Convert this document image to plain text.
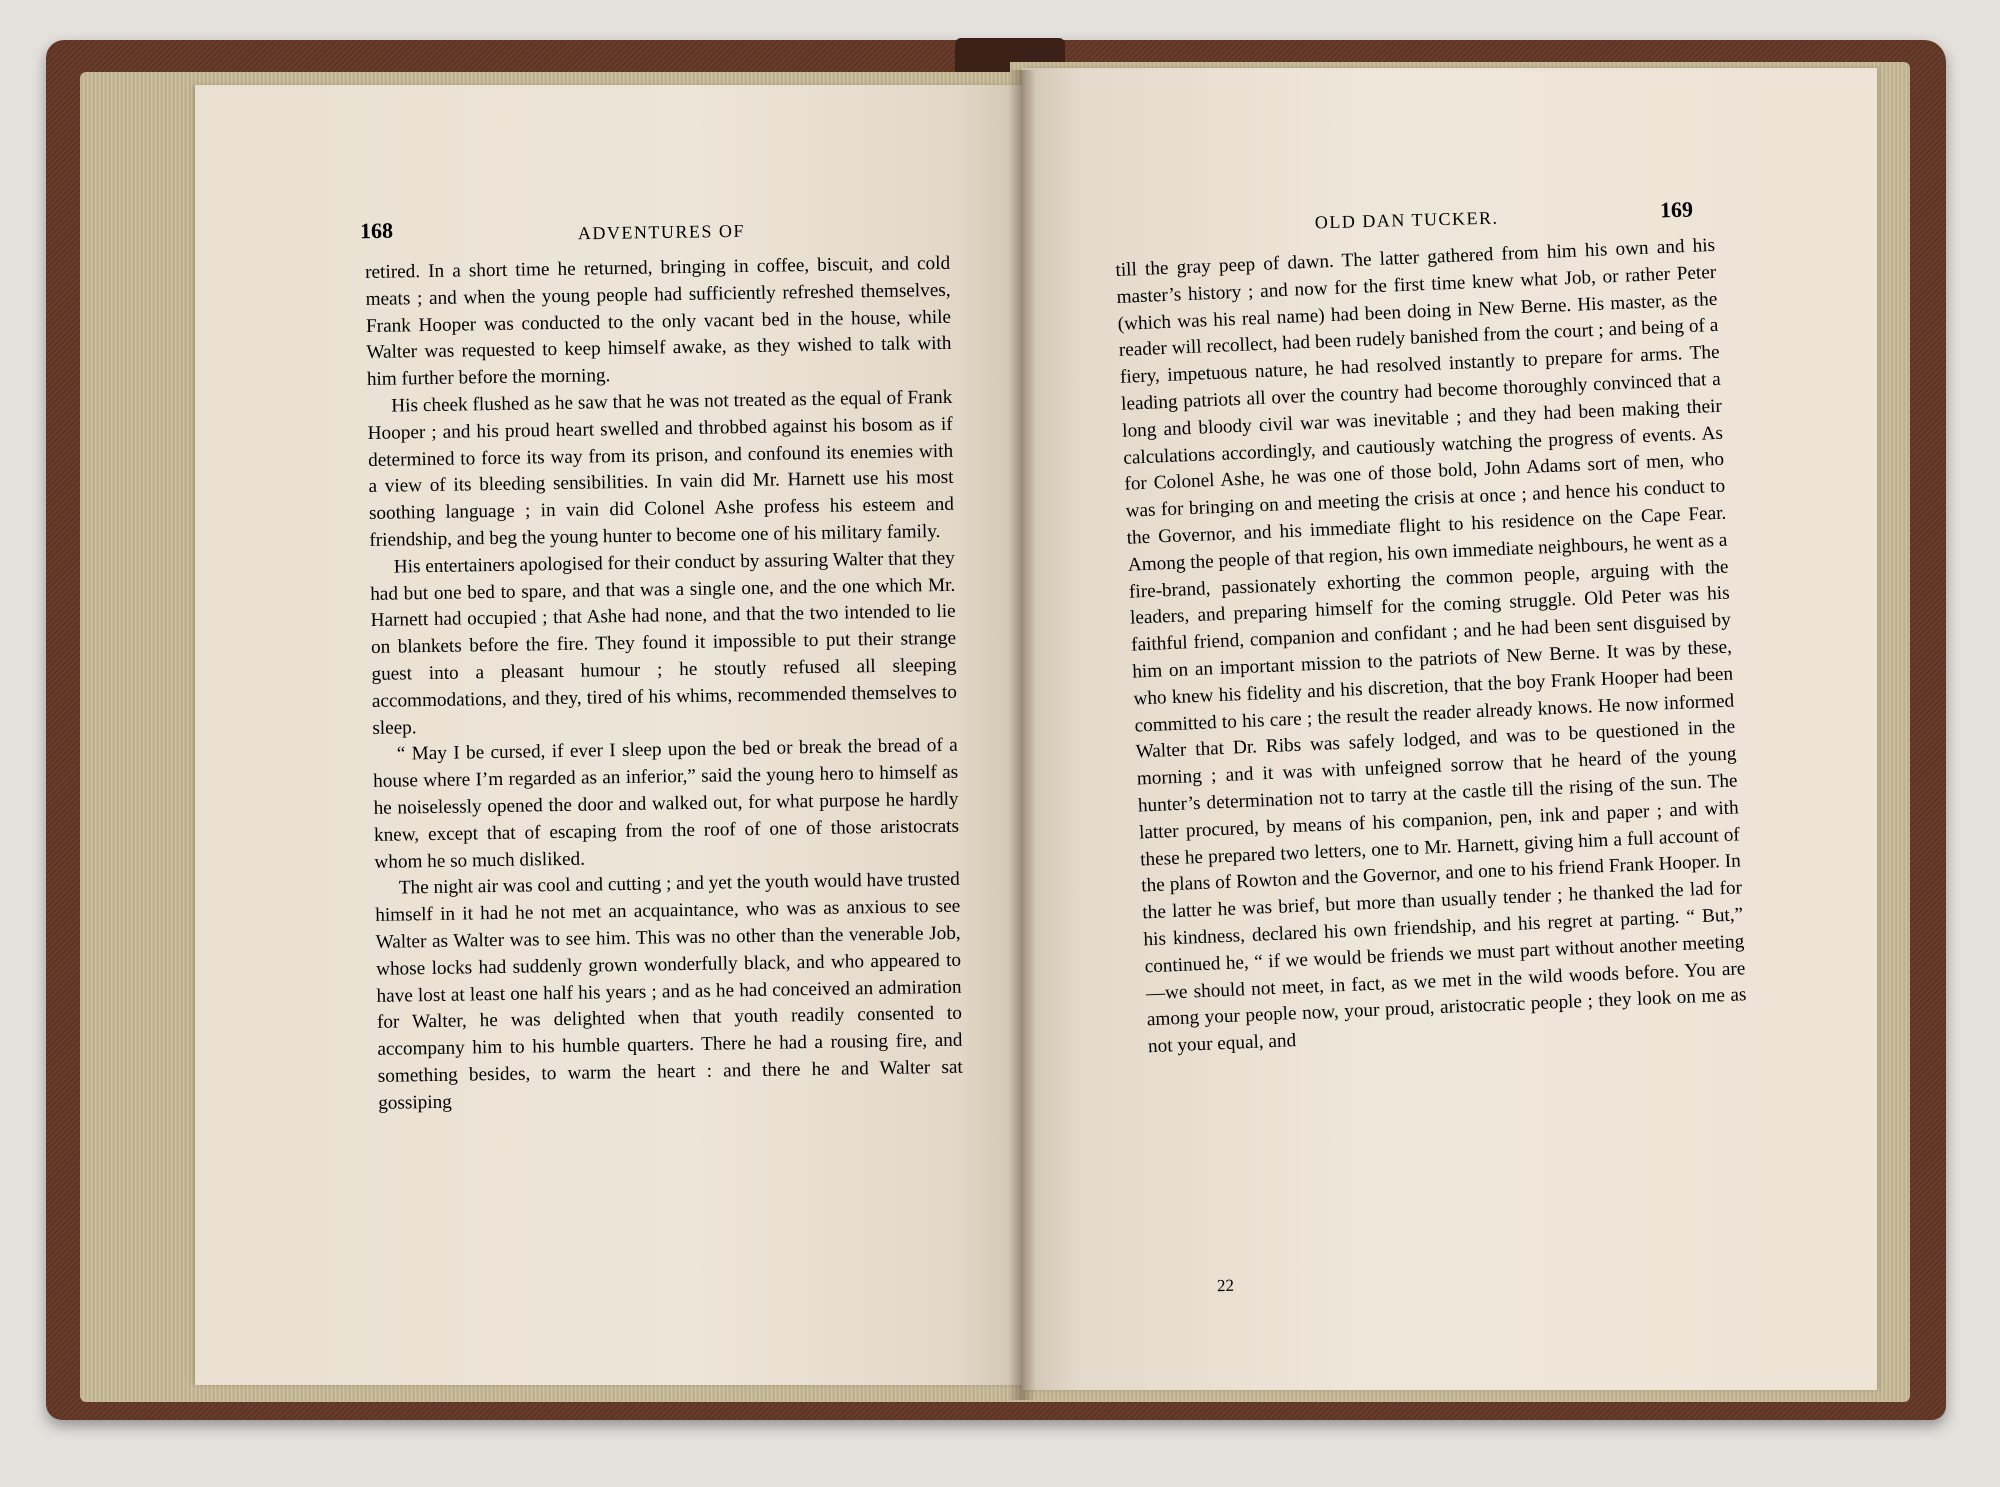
168	ADVENTURES OF	OLD DAN TUCKER.	169

retired. In a short time he returned, bringing in coffee, biscuit, and cold meats ; and when the young people had sufficiently refreshed themselves, Frank Hooper was conducted to the only vacant bed in the house, while Walter was requested to keep himself awake, as they wished to talk with him further before the morning.

His cheek flushed as he saw that he was not treated as the equal of Frank Hooper ; and his proud heart swelled and throbbed against his bosom as if determined to force its way from its prison, and confound its enemies with a view of its bleeding sensibilities. In vain did Mr. Harnett use his most soothing language ; in vain did Colonel Ashe profess his esteem and friendship, and beg the young hunter to become one of his military family.

His entertainers apologised for their conduct by assuring Walter that they had but one bed to spare, and that was a single one, and the one which Mr. Harnett had occupied ; that Ashe had none, and that the two intended to lie on blankets before the fire. They found it impossible to put their strange guest into a pleasant humour ; he stoutly refused all sleeping accommodations, and they, tired of his whims, recommended themselves to sleep.

“ May I be cursed, if ever I sleep upon the bed or break the bread of a house where I’m regarded as an inferior,” said the young hero to himself as he noiselessly opened the door and walked out, for what purpose he hardly knew, except that of escaping from the roof of one of those aristocrats whom he so much disliked.

The night air was cool and cutting ; and yet the youth would have trusted himself in it had he not met an acquaintance, who was as anxious to see Walter as Walter was to see him. This was no other than the venerable Job, whose locks had suddenly grown wonderfully black, and who appeared to have lost at least one half his years ; and as he had conceived an admiration for Walter, he was delighted when that youth readily consented to accompany him to his humble quarters. There he had a rousing fire, and something besides, to warm the heart : and there he and Walter sat gossiping

till the gray peep of dawn. The latter gathered from him his own and his master’s history ; and now for the first time knew what Job, or rather Peter (which was his real name) had been doing in New Berne. His master, as the reader will recollect, had been rudely banished from the court ; and being of a fiery, impetuous nature, he had resolved instantly to prepare for arms. The leading patriots all over the country had become thoroughly convinced that a long and bloody civil war was inevitable ; and they had been making their calculations accordingly, and cautiously watching the progress of events. As for Colonel Ashe, he was one of those bold, John Adams sort of men, who was for bringing on and meeting the crisis at once ; and hence his conduct to the Governor, and his immediate flight to his residence on the Cape Fear. Among the people of that region, his own immediate neighbours, he went as a fire-brand, passionately exhorting the common people, arguing with the leaders, and preparing himself for the coming struggle. Old Peter was his faithful friend, companion and confidant ; and he had been sent disguised by him on an important mission to the patriots of New Berne. It was by these, who knew his fidelity and his discretion, that the boy Frank Hooper had been committed to his care ; the result the reader already knows. He now informed Walter that Dr. Ribs was safely lodged, and was to be questioned in the morning ; and it was with unfeigned sorrow that he heard of the young hunter’s determination not to tarry at the castle till the rising of the sun. The latter procured, by means of his companion, pen, ink and paper ; and with these he prepared two letters, one to Mr. Harnett, giving him a full account of the plans of Rowton and the Governor, and one to his friend Frank Hooper. In the latter he was brief, but more than usually tender ; he thanked the lad for his kindness, declared his own friendship, and his regret at parting. “ But,” continued he, “ if we would be friends we must part without another meeting—we should not meet, in fact, as we met in the wild woods before. You are among your people now, your proud, aristocratic people ; they look on me as not your equal, and

22
